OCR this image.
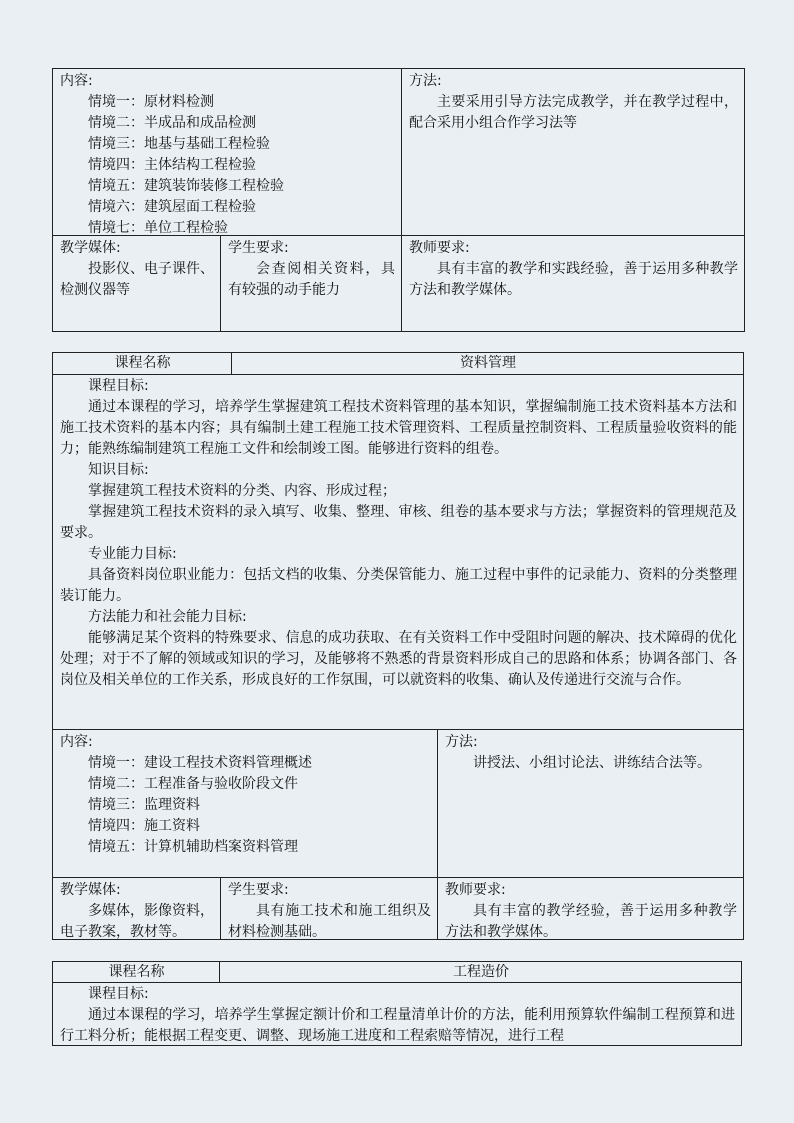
内容:
情境一：原材料检测
情境二：半成品和成品检测
情境三：地基与基础工程检验
情境四：主体结构工程检验
情境五：建筑装饰装修工程检验
情境六：建筑屋面工程检验
情境七：单位工程检验
方法:

主要采用引导方法完成教学，并在教学过程中，配合采用小组合作学习法等

教学媒体:

投影仪、电子课件、检测仪器等

学生要求:

会查阅相关资料，具有较强的动手能力

教师要求:

具有丰富的教学和实践经验，善于运用多种教学方法和教学媒体。

课程名称	资料管理

课程目标:

通过本课程的学习，培养学生掌握建筑工程技术资料管理的基本知识，掌握编制施工技术资料基本方法和施工技术资料的基本内容；具有编制土建工程施工技术管理资料、工程质量控制资料、工程质量验收资料的能力；能熟练编制建筑工程施工文件和绘制竣工图。能够进行资料的组卷。

知识目标:

掌握建筑工程技术资料的分类、内容、形成过程；

掌握建筑工程技术资料的录入填写、收集、整理、审核、组卷的基本要求与方法；掌握资料的管理规范及要求。

专业能力目标:

具备资料岗位职业能力：包括文档的收集、分类保管能力、施工过程中事件的记录能力、资料的分类整理装订能力。

方法能力和社会能力目标:

能够满足某个资料的特殊要求、信息的成功获取、在有关资料工作中受阻时问题的解决、技术障碍的优化处理；对于不了解的领域或知识的学习，及能够将不熟悉的背景资料形成自己的思路和体系；协调各部门、各岗位及相关单位的工作关系，形成良好的工作氛围，可以就资料的收集、确认及传递进行交流与合作。

内容:
情境一：建设工程技术资料管理概述
情境二：工程准备与验收阶段文件
情境三：监理资料
情境四：施工资料
情境五：计算机辅助档案资料管理
方法:

讲授法、小组讨论法、讲练结合法等。

教学媒体:

多媒体，影像资料，电子教案，教材等。

学生要求:

具有施工技术和施工组织及材料检测基础。

教师要求:

具有丰富的教学经验，善于运用多种教学方法和教学媒体。

课程名称	工程造价

课程目标:

通过本课程的学习，培养学生掌握定额计价和工程量清单计价的方法，能利用预算软件编制工程预算和进行工料分析；能根据工程变更、调整、现场施工进度和工程索赔等情况，进行工程
